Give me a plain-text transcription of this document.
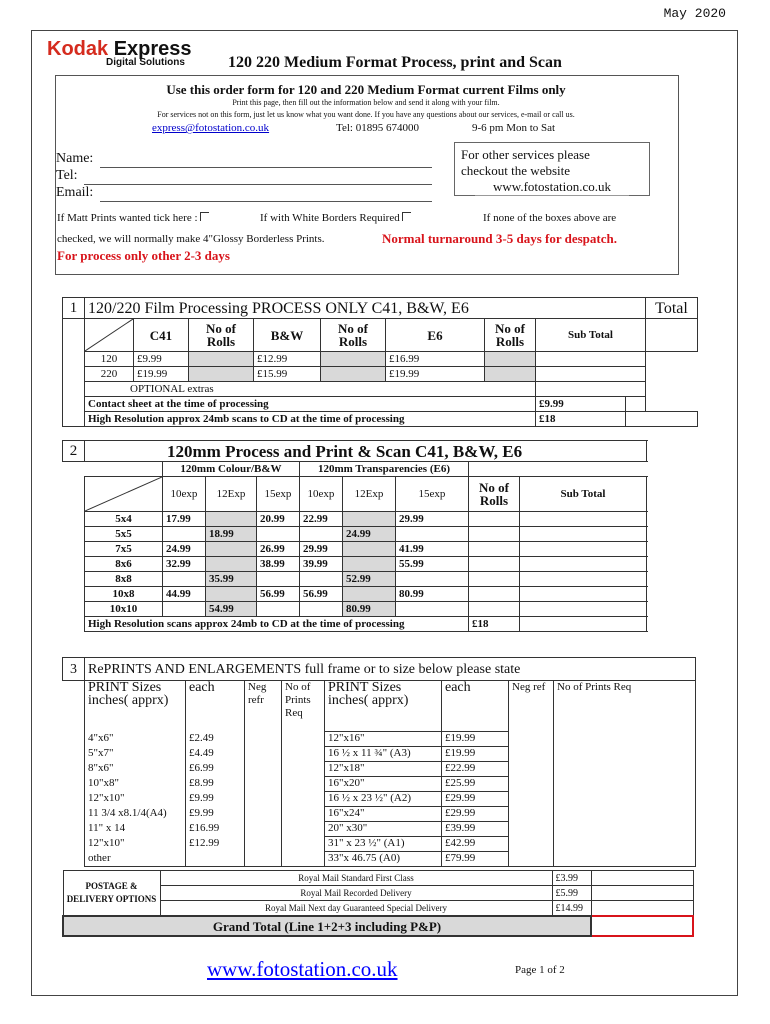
May 2020
Kodak Express
Digital Solutions	120 220 Medium Format Process, print and Scan
Use this order form for 120 and 220 Medium Format current Films only
Print this page, then fill out the information below and send it along with your film.
For services not on this form, just let us know what you want done. If you have any questions about our services, e-mail or call us.
express@fotostation.co.uk	Tel: 01895 674000	9-6 pm Mon to Sat
Name:
Tel:
Email:
For other services please
checkout the website
www.fotostation.co.uk
If Matt Prints wanted tick here :	If with White Borders Required	If none of the boxes above are
checked, we will normally make 4"Glossy Borderless Prints.	Normal turnaround 3-5 days for despatch.
For process only other 2-3 days
1	120/220 Film Processing PROCESS ONLY C41, B&W, E6									Total

	C41	No of Rolls	B&W	No of Rolls	E6	No of Rolls	Sub Total		
	120	£9.99		£12.99		£16.99				
	220	£19.99		£15.99		£19.99				
	OPTIONAL extras									
	Contact sheet at the time of processing							£9.99		
	High Resolution approx 24mb scans to CD at the time of processing							£18		
2	120mm Process and Print & Scan C41, B&W, E6									
		120mm Colour/B&W			120mm Transparencies (E6)					

	10exp	12Exp	15exp	10exp	12Exp	15exp	No of Rolls	Sub Total	
	5x4	17.99		20.99	22.99		29.99			
	5x5		18.99			24.99				
	7x5	24.99		26.99	29.99		41.99			
	8x6	32.99		38.99	39.99		55.99			
	8x8		35.99			52.99				
	10x8	44.99		56.99	56.99		80.99			
	10x10		54.99			80.99				
	High Resolution scans approx 24mb to CD at the time of processing							£18		
3	RePRINTS AND ENLARGEMENTS full frame or to size below please state							
	PRINT Sizes inches( apprx)	each	Neg refr	No of Prints Req	PRINT Sizes inches( apprx)	each	Neg ref	No of Prints Req
	4"x6"	£2.49			12"x16"	£19.99		
	5"x7"	£4.49			16 ½ x 11 ¾" (A3)	£19.99		
	8"x6"	£6.99			12"x18"	£22.99		
	10"x8"	£8.99			16"x20"	£25.99		
	12"x10"	£9.99			16 ½ x 23 ½" (A2)	£29.99		
	11 3/4 x8.1/4(A4)	£9.99			16"x24"	£29.99		
	11" x 14	£16.99			20" x30"	£39.99		
	12"x10"	£12.99			31" x 23 ½" (A1)	£42.99		
	other				33"x 46.75 (A0)	£79.99		
POSTAGE & DELIVERY OPTIONS	Royal Mail Standard First Class	£3.99	
	Royal Mail Recorded Delivery	£5.99	
	Royal Mail Next day Guaranteed Special Delivery	£14.99	
Grand Total (Line 1+2+3 including P&P)			
www.fotostation.co.uk	Page 1 of 2
